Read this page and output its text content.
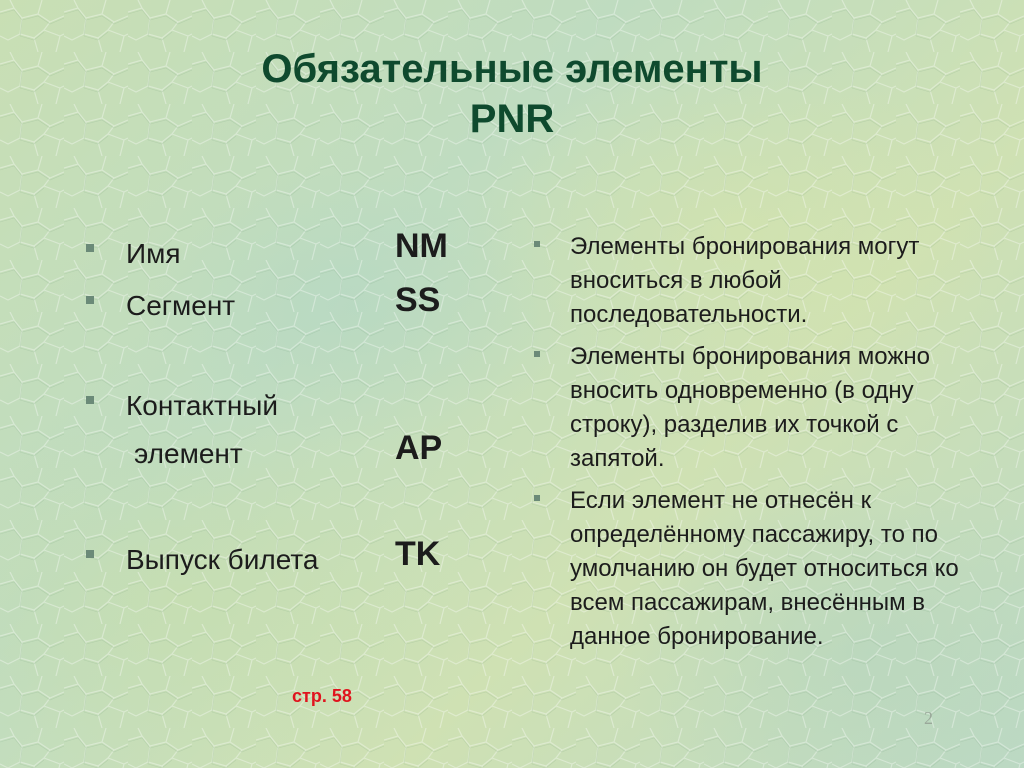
Обязательные элементы
PNR
Имя	NM
Сегмент	SS
Контактный
элемент	AP
Выпуск билета TK
стр. 58
Элементы бронирования могут вноситься в любой последовательности.
Элементы бронирования можно вносить одновременно (в одну строку), разделив их точкой с запятой.
Если элемент не отнесён к определённому пассажиру, то по умолчанию он будет относиться ко всем пассажирам, внесённым в данное бронирование.
2
